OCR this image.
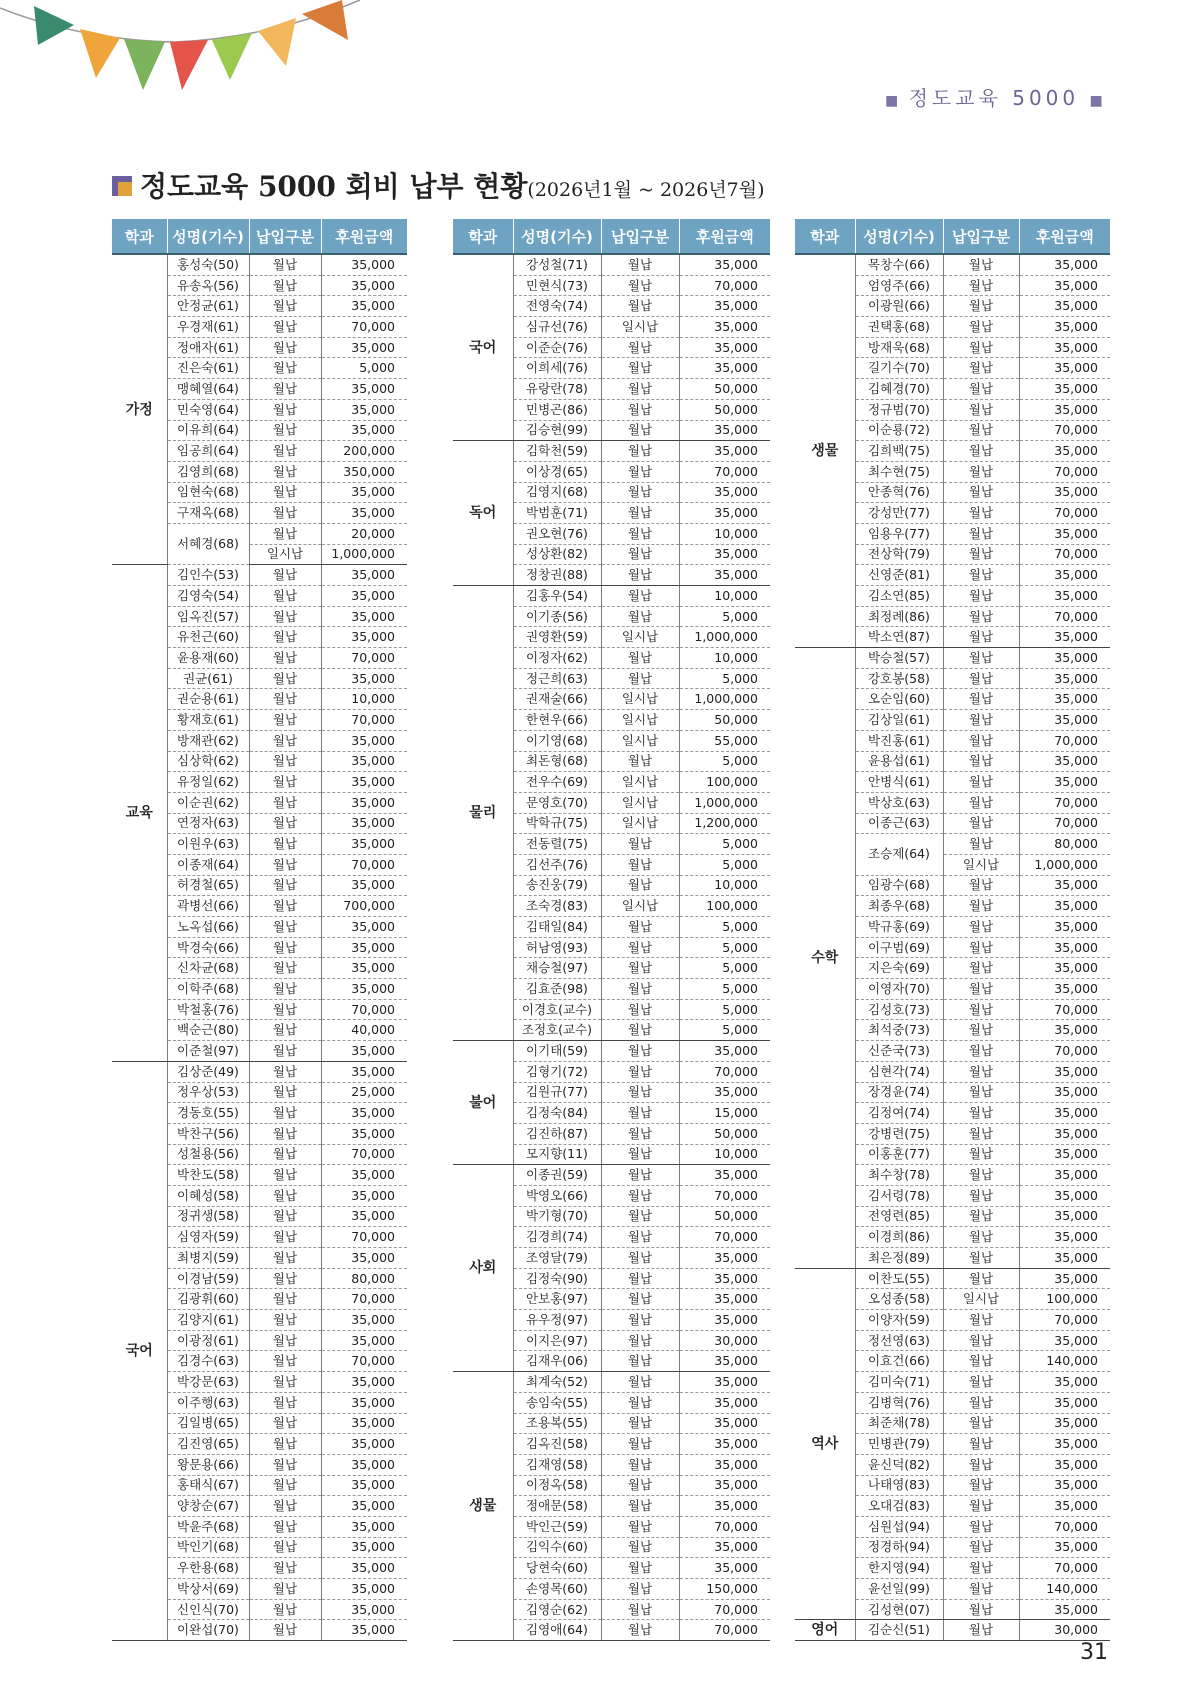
■ 정도교육 5000 ■
정도교육 5000 회비 납부 현황(2026년1월 ~ 2026년7월)
학과	성명(기수)	납입구분	후원금액
가정	홍성숙(50)	월납	35,000
	유송옥(56)	월납	35,000
	안정균(61)	월납	35,000
	우경재(61)	월납	70,000
	정애자(61)	월납	35,000
	진은숙(61)	월납	5,000
	맹혜열(64)	월납	35,000
	민숙영(64)	월납	35,000
	이유희(64)	월납	35,000
	임공희(64)	월납	200,000
	김영희(68)	월납	350,000
	임현숙(68)	월납	35,000
	구재옥(68)	월납	35,000
	서혜경(68)	월납	20,000
		일시납	1,000,000
교육	김인수(53)	월납	35,000
	김영숙(54)	월납	35,000
	임옥진(57)	월납	35,000
	유천근(60)	월납	35,000
	윤용재(60)	월납	70,000
	권균(61)	월납	35,000
	권순용(61)	월납	10,000
	황재호(61)	월납	70,000
	방재관(62)	월납	35,000
	심상학(62)	월납	35,000
	유정일(62)	월납	35,000
	이순권(62)	월납	35,000
	연정자(63)	월납	35,000
	이원우(63)	월납	35,000
	이종재(64)	월납	70,000
	허경철(65)	월납	35,000
	곽병선(66)	월납	700,000
	노옥섭(66)	월납	35,000
	박경숙(66)	월납	35,000
	신차균(68)	월납	35,000
	이학주(68)	월납	35,000
	박철홍(76)	월납	70,000
	백순근(80)	월납	40,000
	이준철(97)	월납	35,000
국어	김상준(49)	월납	35,000
	정우상(53)	월납	25,000
	경동호(55)	월납	35,000
	박찬구(56)	월납	35,000
	성철용(56)	월납	70,000
	박찬도(58)	월납	35,000
	이혜성(58)	월납	35,000
	정귀생(58)	월납	35,000
	심영자(59)	월납	70,000
	최병지(59)	월납	35,000
	이경남(59)	월납	80,000
	김광휘(60)	월납	70,000
	김양지(61)	월납	35,000
	이광정(61)	월납	35,000
	김경수(63)	월납	70,000
	박강문(63)	월납	35,000
	이주행(63)	월납	35,000
	김일병(65)	월납	35,000
	김진영(65)	월납	35,000
	왕문용(66)	월납	35,000
	홍태식(67)	월납	35,000
	양창순(67)	월납	35,000
	박윤주(68)	월납	35,000
	박인기(68)	월납	35,000
	우한용(68)	월납	35,000
	박상서(69)	월납	35,000
	신인식(70)	월납	35,000
	이완섭(70)	월납	35,000
학과	성명(기수)	납입구분	후원금액
국어	강성철(71)	월납	35,000
	민현식(73)	월납	70,000
	전영숙(74)	월납	35,000
	심규선(76)	일시납	35,000
	이준순(76)	월납	35,000
	이희세(76)	월납	35,000
	유랑란(78)	월납	50,000
	민병곤(86)	월납	50,000
	김승현(99)	월납	35,000
독어	김학천(59)	월납	35,000
	이상경(65)	월납	70,000
	김영지(68)	월납	35,000
	박범훈(71)	월납	35,000
	권오현(76)	월납	10,000
	성상환(82)	월납	35,000
	정창권(88)	월납	35,000
물리	김홍우(54)	월납	10,000
	이기종(56)	월납	5,000
	권영환(59)	일시납	1,000,000
	이정자(62)	월납	10,000
	정근희(63)	월납	5,000
	권재술(66)	일시납	1,000,000
	한현우(66)	일시납	50,000
	이기영(68)	일시납	55,000
	최돈형(68)	월납	5,000
	전우수(69)	일시납	100,000
	문영호(70)	일시납	1,000,000
	박학규(75)	일시납	1,200,000
	전동렬(75)	월납	5,000
	김선주(76)	월납	5,000
	송진웅(79)	월납	10,000
	조숙경(83)	일시납	100,000
	김태일(84)	월납	5,000
	허남영(93)	월납	5,000
	채승철(97)	월납	5,000
	김효준(98)	월납	5,000
	이경호(교수)	월납	5,000
	조정호(교수)	월납	5,000
불어	이기태(59)	월납	35,000
	김형기(72)	월납	70,000
	김원규(77)	월납	35,000
	김정숙(84)	월납	15,000
	김진하(87)	월납	50,000
	모지향(11)	월납	10,000
사회	이종권(59)	월납	35,000
	박영오(66)	월납	70,000
	박기형(70)	월납	50,000
	김경희(74)	월납	70,000
	조영달(79)	월납	35,000
	김정숙(90)	월납	35,000
	안보홍(97)	월납	35,000
	유우정(97)	월납	35,000
	이지은(97)	월납	30,000
	김재우(06)	월납	35,000
생물	최계숙(52)	월납	35,000
	송임숙(55)	월납	35,000
	조용복(55)	월납	35,000
	김옥진(58)	월납	35,000
	김재영(58)	월납	35,000
	이정옥(58)	월납	35,000
	정애문(58)	월납	35,000
	박인근(59)	월납	70,000
	김익수(60)	월납	35,000
	당현숙(60)	월납	35,000
	손영목(60)	월납	150,000
	김영순(62)	월납	70,000
	김영애(64)	월납	70,000
학과	성명(기수)	납입구분	후원금액
생물	목창수(66)	월납	35,000
	엄영주(66)	월납	35,000
	이광원(66)	월납	35,000
	권택홍(68)	월납	35,000
	방재욱(68)	월납	35,000
	길기수(70)	월납	35,000
	김혜경(70)	월납	35,000
	정규범(70)	월납	35,000
	이순룡(72)	월납	70,000
	김희백(75)	월납	35,000
	최수현(75)	월납	70,000
	안종혁(76)	월납	35,000
	강성만(77)	월납	70,000
	임용우(77)	월납	35,000
	전상학(79)	월납	70,000
	신영준(81)	월납	35,000
	김소연(85)	월납	35,000
	최정례(86)	월납	70,000
	박소연(87)	월납	35,000
수학	박승철(57)	월납	35,000
	강호봉(58)	월납	35,000
	오순임(60)	월납	35,000
	김상일(61)	월납	35,000
	박진홍(61)	월납	70,000
	윤용섭(61)	월납	35,000
	안병식(61)	월납	35,000
	박상호(63)	월납	70,000
	이종근(63)	월납	70,000
	조승제(64)	월납	80,000
		일시납	1,000,000
	임광수(68)	월납	35,000
	최종우(68)	월납	35,000
	박규홍(69)	월납	35,000
	이구범(69)	월납	35,000
	지은숙(69)	월납	35,000
	이영자(70)	월납	35,000
	김성호(73)	월납	70,000
	최석중(73)	월납	35,000
	신준국(73)	월납	70,000
	심현각(74)	월납	35,000
	장경윤(74)	월납	35,000
	김정여(74)	월납	35,000
	강병련(75)	월납	35,000
	이홍훈(77)	월납	35,000
	최수창(78)	월납	35,000
	김서령(78)	월납	35,000
	전영련(85)	월납	35,000
	이경희(86)	월납	35,000
	최은정(89)	월납	35,000
역사	이찬도(55)	월납	35,000
	오성종(58)	일시납	100,000
	이양자(59)	월납	70,000
	정선영(63)	월납	35,000
	이효건(66)	월납	140,000
	김미숙(71)	월납	35,000
	김병혁(76)	월납	35,000
	최준채(78)	월납	35,000
	민병관(79)	월납	35,000
	윤신덕(82)	월납	35,000
	나태영(83)	월납	35,000
	오대검(83)	월납	35,000
	심원섭(94)	월납	70,000
	정경하(94)	월납	35,000
	한지영(94)	월납	70,000
	윤선일(99)	월납	140,000
	김성현(07)	월납	35,000
영어	김순신(51)	월납	30,000
31
